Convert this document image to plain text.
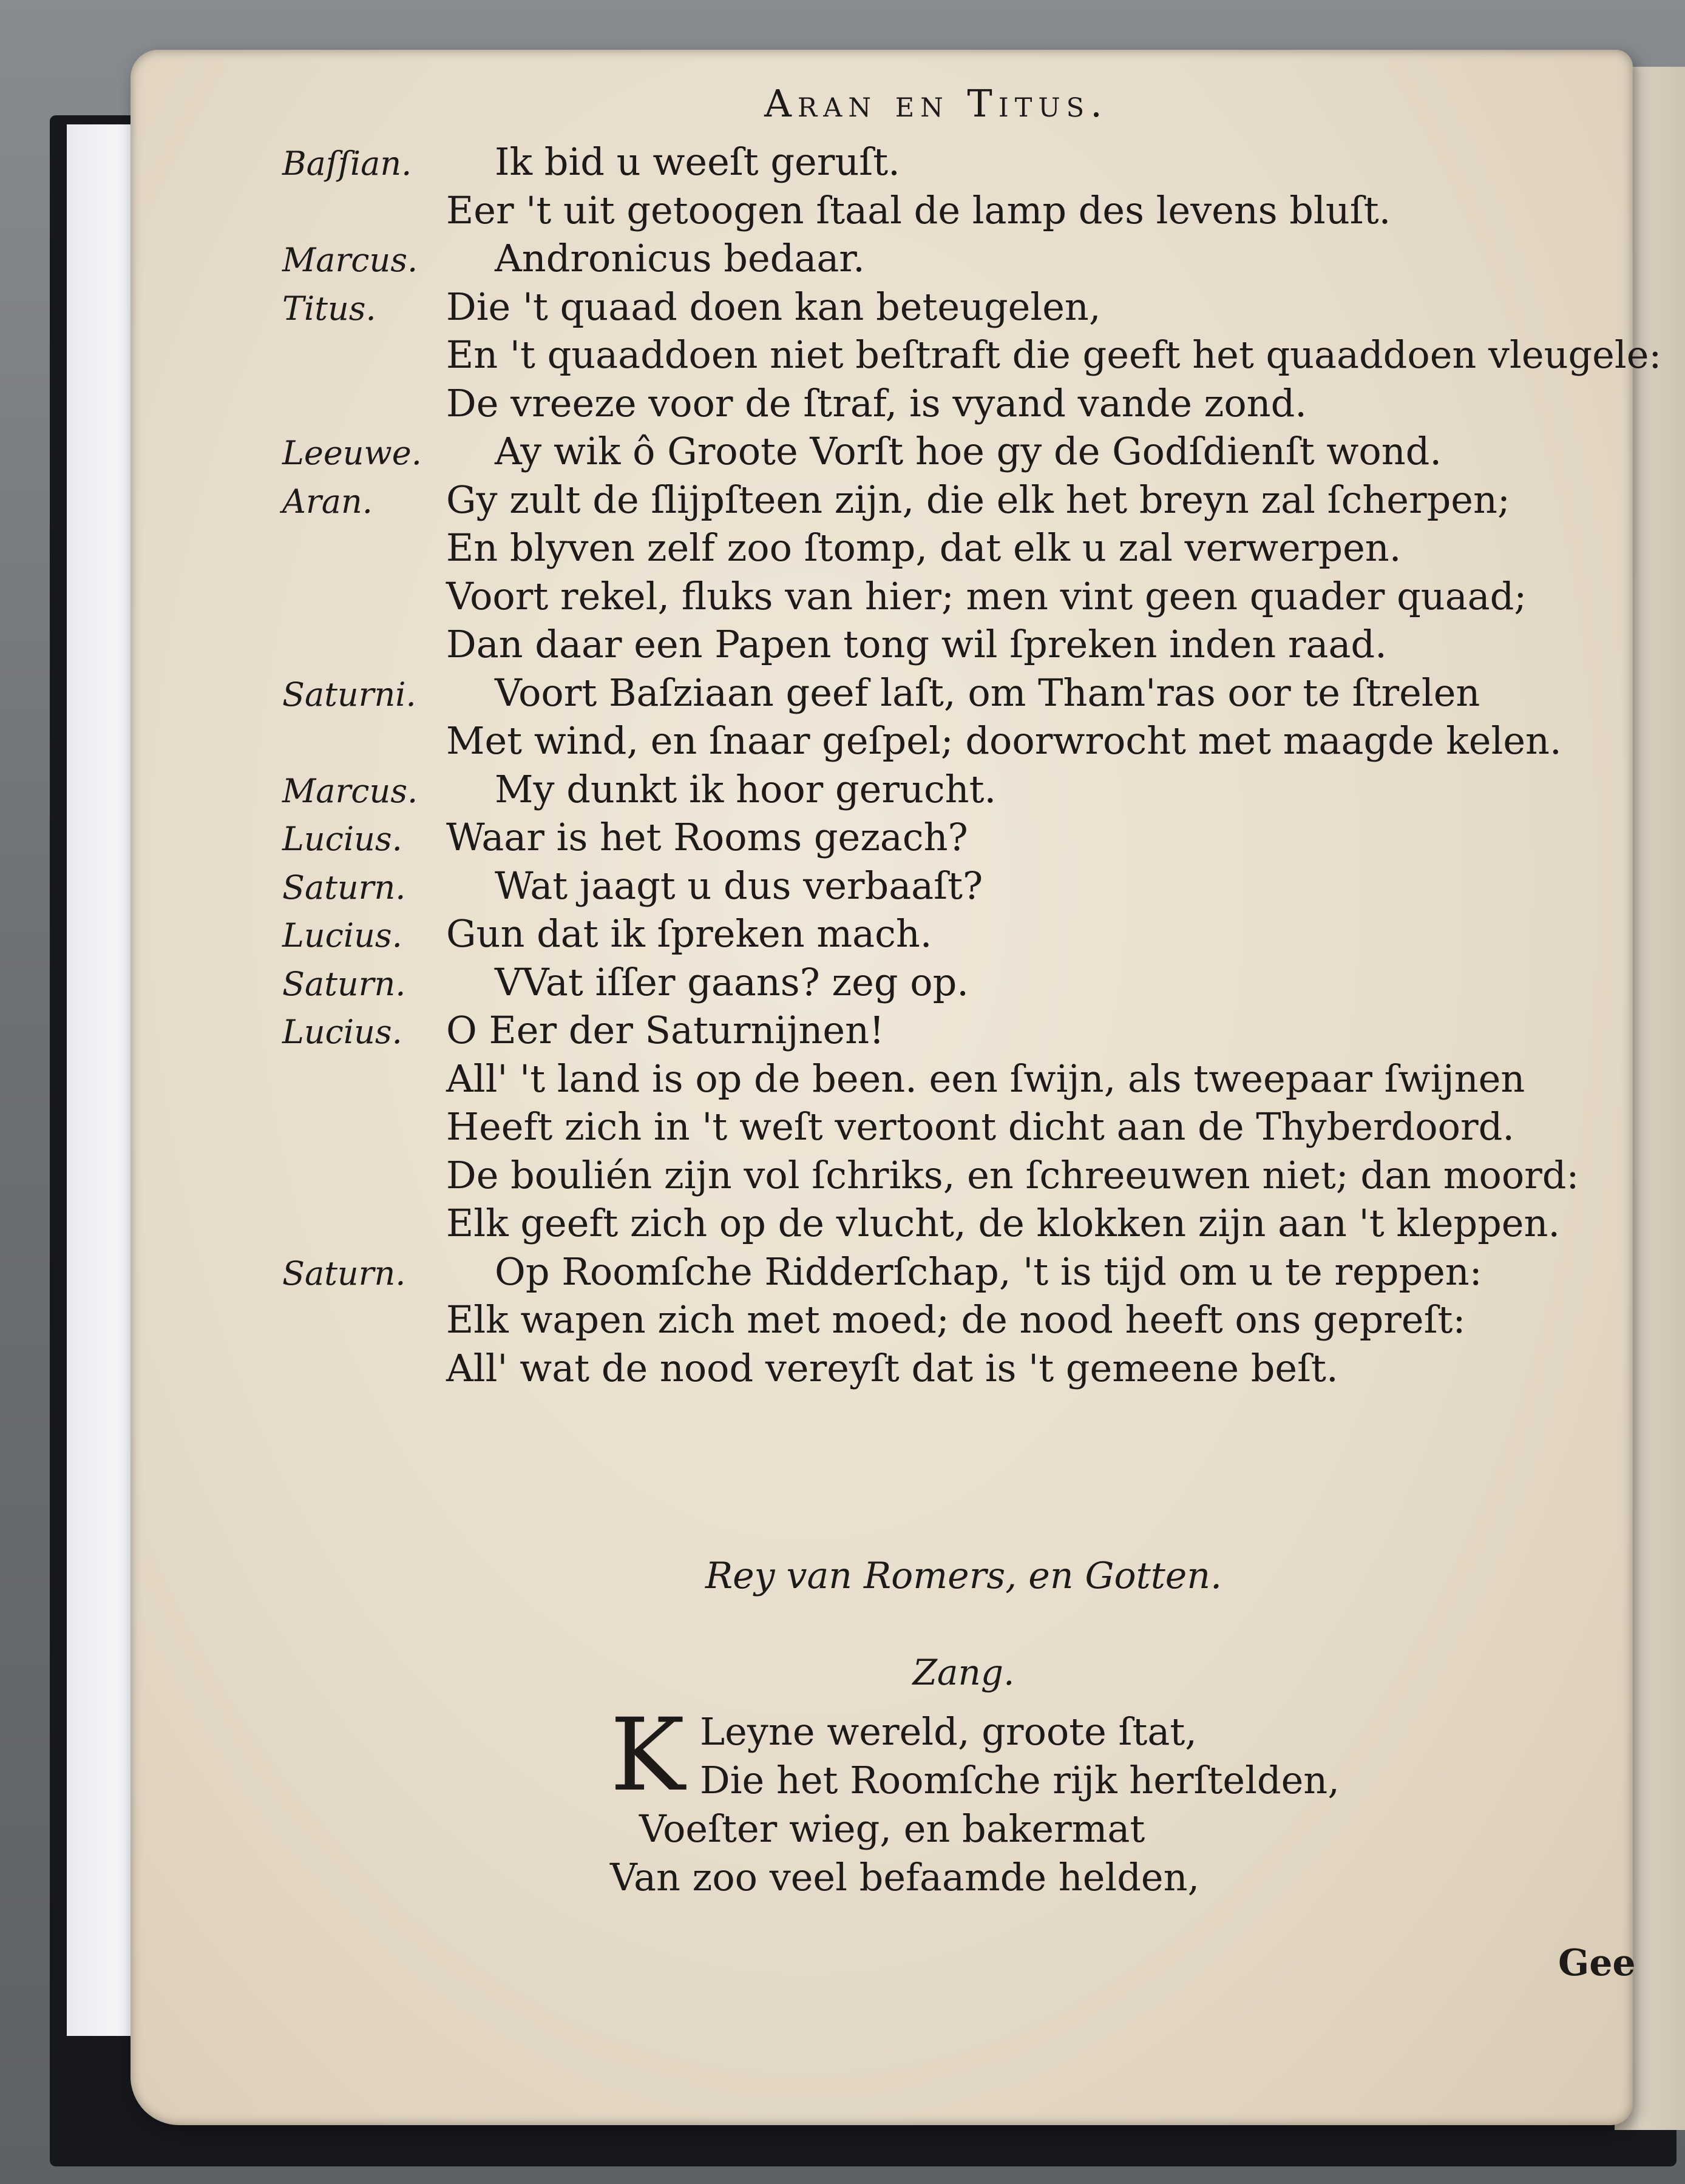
Aran en Titus.
Baſſian.	Ik bid u weeſt geruſt.
Eer 't uit getoogen ſtaal de lamp des levens bluſt.
Marcus.	Andronicus bedaar.
Titus.	Die 't quaad doen kan beteugelen,
En 't quaaddoen niet beſtraft die geeft het quaaddoen vleugele:
De vreeze voor de ſtraf, is vyand vande zond.
Leeuwe.	Ay wik ô Groote Vorſt hoe gy de Godſdienſt wond.
Aran.	Gy zult de ſlijpſteen zijn, die elk het breyn zal ſcherpen;
En blyven zelf zoo ſtomp, dat elk u zal verwerpen.
Voort rekel, fluks van hier; men vint geen quader quaad;
Dan daar een Papen tong wil ſpreken inden raad.
Saturni.	Voort Baſziaan geef laſt, om Tham'ras oor te ſtrelen
Met wind, en ſnaar geſpel; doorwrocht met maagde kelen.
Marcus.	My dunkt ik hoor gerucht.
Lucius.	Waar is het Rooms gezach?
Saturn.	Wat jaagt u dus verbaaſt?
Lucius.	Gun dat ik ſpreken mach.
Saturn.	VVat iſſer gaans? zeg op.
Lucius.	O Eer der Saturnijnen!
All' 't land is op de been. een ſwijn, als tweepaar ſwijnen
Heeft zich in 't weſt vertoont dicht aan de Thyberdoord.
De boulién zijn vol ſchriks, en ſchreeuwen niet; dan moord:
Elk geeft zich op de vlucht, de klokken zijn aan 't kleppen.
Saturn.	Op Roomſche Ridderſchap, 't is tijd om u te reppen:
Elk wapen zich met moed; de nood heeft ons gepreſt:
All' wat de nood vereyſt dat is 't gemeene beſt.
Rey van Romers, en Gotten.
Zang.
K Leyne wereld, groote ſtat,
Die het Roomſche rijk herſtelden,
Voeſter wieg, en bakermat
Van zoo veel befaamde helden,
Gee
